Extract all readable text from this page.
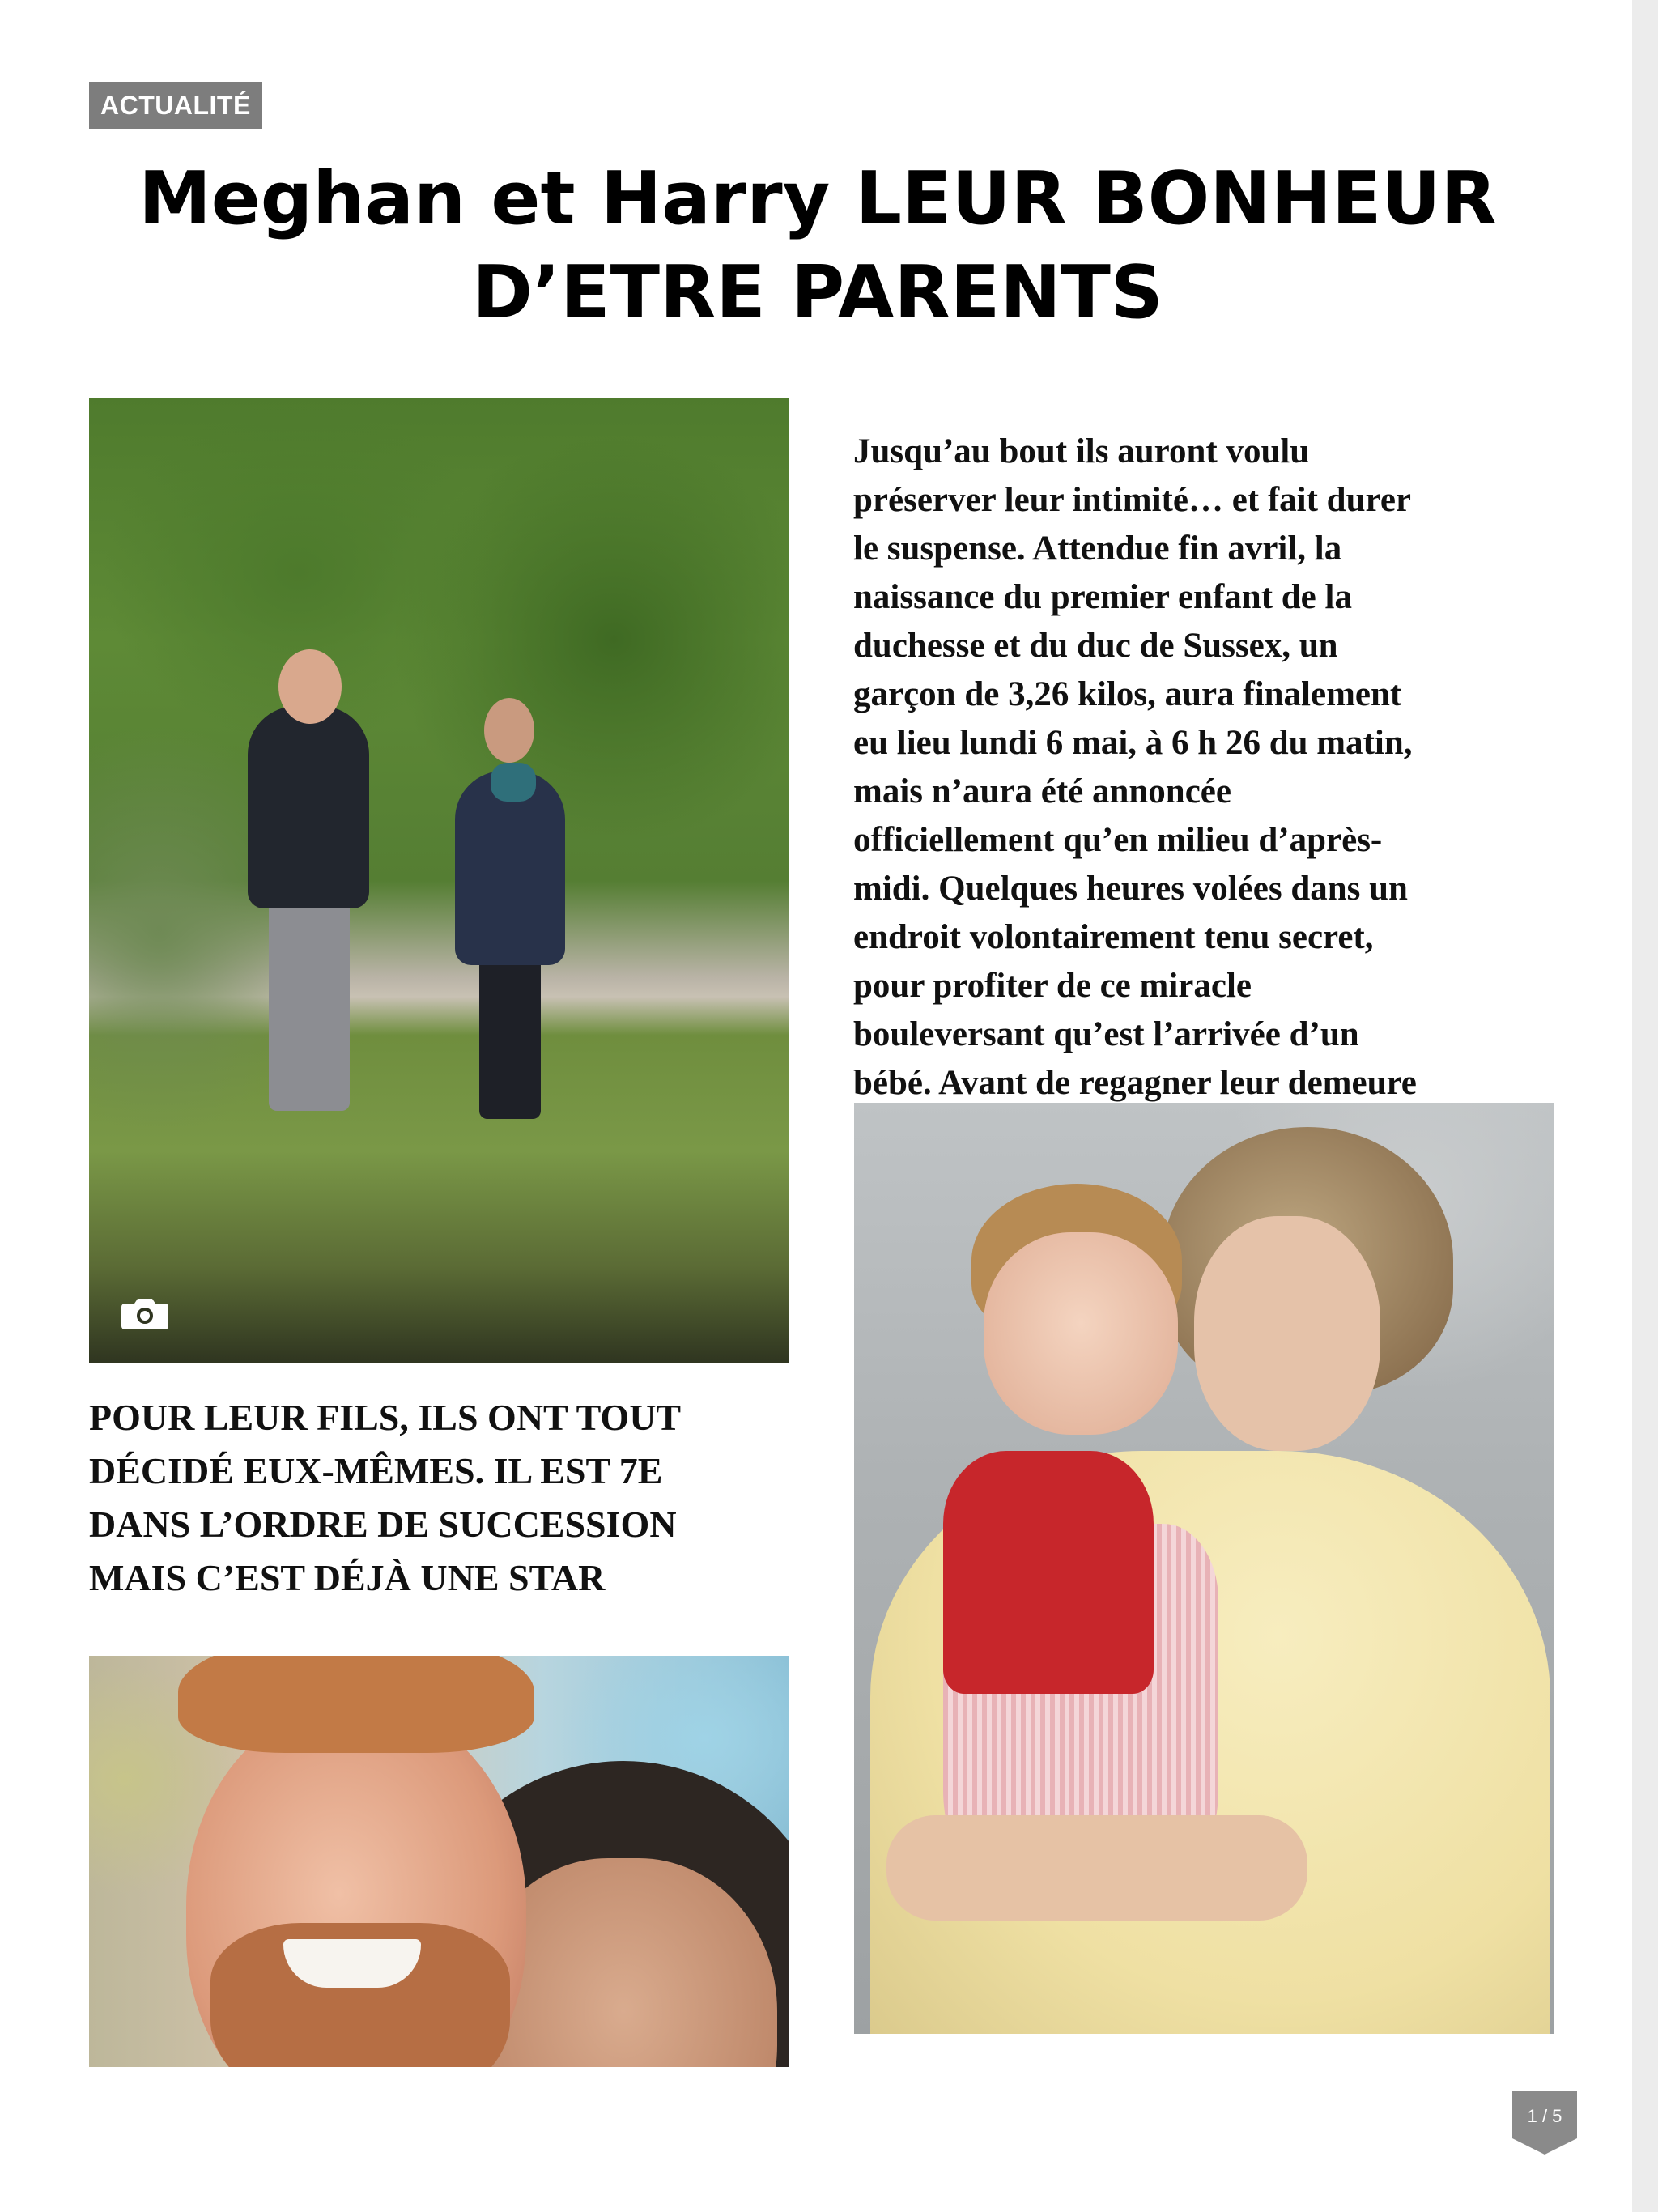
ACTUALITÉ
Meghan et Harry LEUR BONHEUR
D’ETRE PARENTS

POUR LEUR FILS, ILS ONT TOUT
DÉCIDÉ EUX-MÊMES. IL EST 7E
DANS L’ORDRE DE SUCCESSION
MAIS C’EST DÉJÀ UNE STAR

Jusqu’au bout ils auront voulu
préserver leur intimité… et fait durer
le suspense. Attendue fin avril, la
naissance du premier enfant de la
duchesse et du duc de Sussex, un
garçon de 3,26 kilos, aura finalement
eu lieu lundi 6 mai, à 6 h 26 du matin,
mais n’aura été annoncée
officiellement qu’en milieu d’après-
midi. Quelques heures volées dans un
endroit volontairement tenu secret,
pour profiter de ce miracle
bouleversant qu’est l’arrivée d’un
bébé. Avant de regagner leur demeure

1 / 5
